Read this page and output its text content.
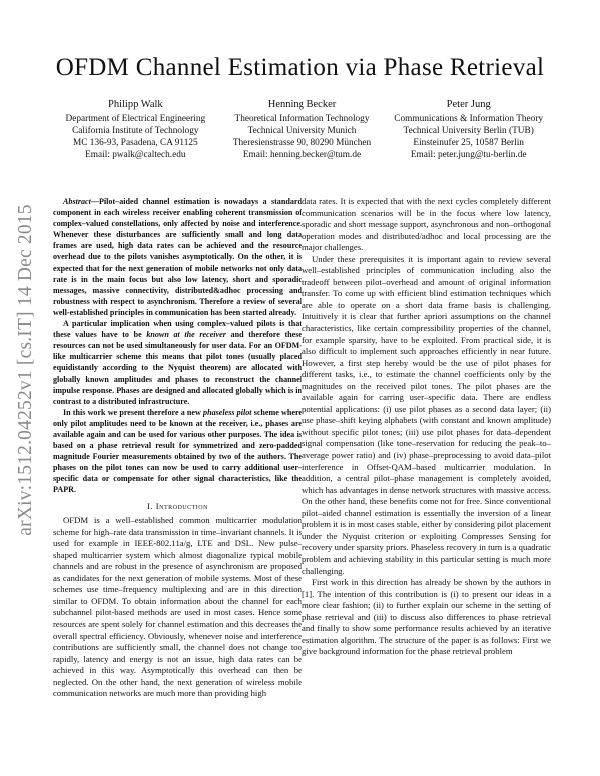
arXiv:1512.04252v1 [cs.IT] 14 Dec 2015
OFDM Channel Estimation via Phase Retrieval
Philipp Walk
Department of Electrical Engineering
California Institute of Technology
MC 136-93, Pasadena, CA 91125
Email: pwalk@caltech.edu
Henning Becker
Theoretical Information Technology
Technical University Munich
Theresienstrasse 90, 80290 München
Email: henning.becker@tum.de
Peter Jung
Communications & Information Theory
Technical University Berlin (TUB)
Einsteinufer 25, 10587 Berlin
Email: peter.jung@tu-berlin.de

Abstract—Pilot–aided channel estimation is nowadays a standard component in each wireless receiver enabling coherent transmission of complex–valued constellations, only affected by noise and interference. Whenever these disturbances are sufficiently small and long data frames are used, high data rates can be achieved and the resource overhead due to the pilots vanishes asymptotically. On the other, it is expected that for the next generation of mobile networks not only data rate is in the main focus but also low latency, short and sporadic messages, massive connectivity, distributed&adhoc processing and robustness with respect to asynchronism. Therefore a review of several well-established principles in communication has been started already.

A particular implication when using complex–valued pilots is that these values have to be known at the receiver and therefore these resources can not be used simultaneously for user data. For an OFDM-like multicarrier scheme this means that pilot tones (usually placed equidistantly according to the Nyquist theorem) are allocated with globally known amplitudes and phases to reconstruct the channel impulse response. Phases are designed and allocated globally which is in contrast to a distributed infrastructure.

In this work we present therefore a new phaseless pilot scheme where only pilot amplitudes need to be known at the receiver, i.e., phases are available again and can be used for various other purposes. The idea is based on a phase retrieval result for symmetrized and zero-padded magnitude Fourier measurements obtained by two of the authors. The phases on the pilot tones can now be used to carry additional user–specific data or compensate for other signal characteristics, like the PAPR.

I. Introduction

OFDM is a well–established common multicarrier modulation scheme for high–rate data transmission in time–invariant channels. It is used for example in IEEE-802.11a/g, LTE and DSL. New pulse–shaped multicarrier system which almost diagonalize typical mobile channels and are robust in the presence of asynchronism are proposed as candidates for the next generation of mobile systems. Most of these schemes use time–frequency multiplexing and are in this direction similar to OFDM. To obtain information about the channel for each subchannel pilot-based methods are used in most cases. Hence some resources are spent solely for channel estimation and this decreases the overall spectral efficiency. Obviously, whenever noise and interference contributions are sufficiently small, the channel does not change too rapidly, latency and energy is not an issue, high data rates can be achieved in this way. Asymptotically this overhead can then be neglected. On the other hand, the next generation of wireless mobile communication networks are much more than providing high

data rates. It is expected that with the next cycles completely different communication scenarios will be in the focus where low latency, sporadic and short message support, asynchronous and non–orthogonal operation modes and distributed/adhoc and local processing are the major challenges.

Under these prerequisites it is important again to review several well–established principles of communication including also the tradeoff between pilot–overhead and amount of original information transfer. To come up with efficient blind estimation techniques which are able to operate on a short data frame basis is challenging. Intuitively it is clear that further apriori assumptions on the channel characteristics, like certain compressibility properties of the channel, for example sparsity, have to be exploited. From practical side, it is also difficult to implement such approaches efficiently in near future. However, a first step hereby would be the use of pilot phases for different tasks, i.e., to estimate the channel coefficients only by the magnitudes on the received pilot tones. The pilot phases are the available again for carring user–specific data. There are endless potential applications: (i) use pilot phases as a second data layer; (ii) use phase–shift keying alphabets (with constant and known amplitude) without specific pilot tones; (iii) use pilot phases for data–dependent signal compensation (like tone–reservation for reducing the peak–to–average power ratio) and (iv) phase–preprocessing to avoid data–pilot interference in Offset-QAM–based multicarrier modulation. In addition, a central pilot–phase management is completely avoided, which has advantages in dense network structures with massive access. On the other hand, these benefits come not for free. Since conventional pilot–aided channel estimation is essentially the inversion of a linear problem it is in most cases stable, either by considering pilot placement under the Nyquist criterion or exploiting Compresses Sensing for recovery under sparsity priors. Phaseless recovery in turn is a quadratic problem and achieving stability in this particular setting is much more challenging.

First work in this direction has already be shown by the authors in [1]. The intention of this contribution is (i) to present our ideas in a more clear fashion; (ii) to further explain our scheme in the setting of phase retrieval and (iii) to discuss also differences to phase retrieval and finally to show some performance results achieved by an iterative estimation algorithm. The structure of the paper is as follows: First we give background information for the phase retrieval problem
